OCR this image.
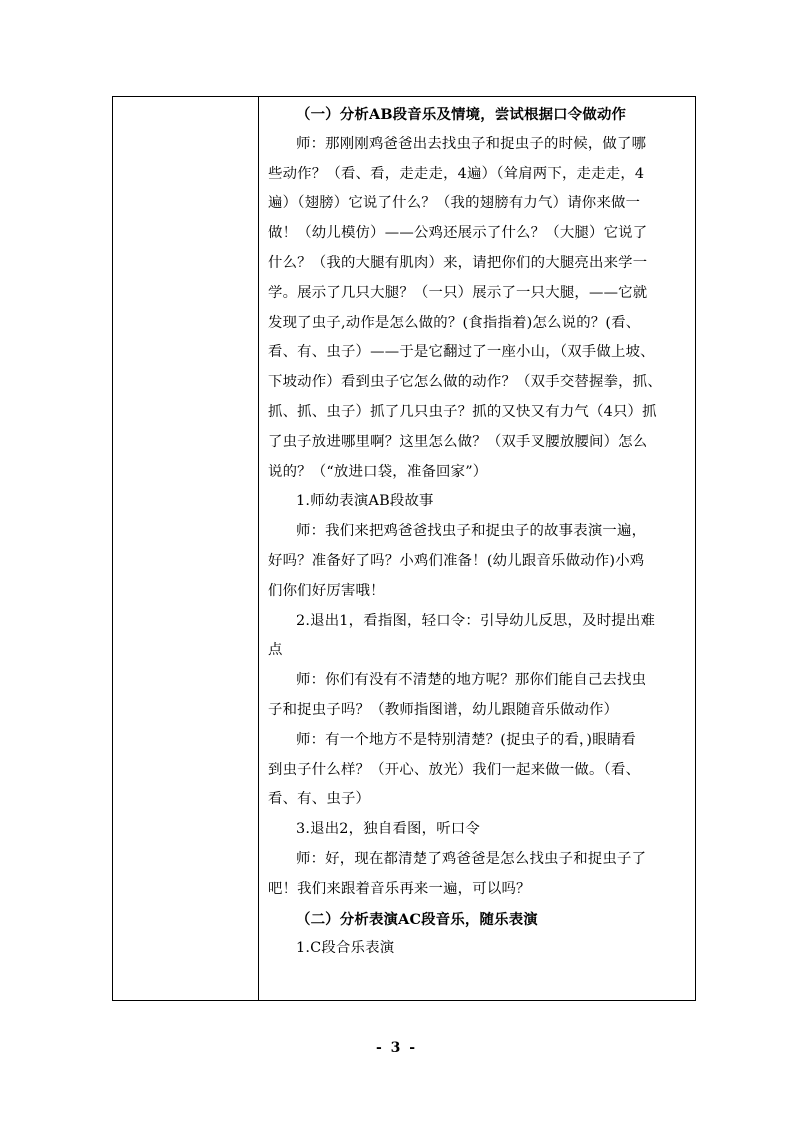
（一）分析AB段音乐及情境，尝试根据口令做动作
师：那刚刚鸡爸爸出去找虫子和捉虫子的时候，做了哪
些动作？（看、看，走走走，4遍）（耸肩两下，走走走，4
遍）（翅膀）它说了什么？（我的翅膀有力气）请你来做一
做！（幼儿模仿）——公鸡还展示了什么？（大腿）它说了
什么？（我的大腿有肌肉）来，请把你们的大腿亮出来学一
学。展示了几只大腿？（一只）展示了一只大腿，——它就
发现了虫子,动作是怎么做的？(食指指着)怎么说的？(看、
看、有、虫子）——于是它翻过了一座小山，（双手做上坡、
下坡动作）看到虫子它怎么做的动作？（双手交替握拳，抓、
抓、抓、虫子）抓了几只虫子？抓的又快又有力气（4只）抓
了虫子放进哪里啊？这里怎么做？（双手叉腰放腰间）怎么
说的？（“放进口袋，准备回家”）
1.师幼表演AB段故事
师：我们来把鸡爸爸找虫子和捉虫子的故事表演一遍，
好吗？准备好了吗？小鸡们准备！(幼儿跟音乐做动作)小鸡
们你们好厉害哦！
2.退出1，看指图，轻口令：引导幼儿反思，及时提出难
点
师：你们有没有不清楚的地方呢？那你们能自己去找虫
子和捉虫子吗？（教师指图谱，幼儿跟随音乐做动作）
师：有一个地方不是特别清楚？(捉虫子的看，)眼睛看
到虫子什么样？（开心、放光）我们一起来做一做。（看、
看、有、虫子）
3.退出2，独自看图，听口令
师：好，现在都清楚了鸡爸爸是怎么找虫子和捉虫子了
吧！我们来跟着音乐再来一遍，可以吗？
（二）分析表演AC段音乐，随乐表演
1.C段合乐表演
- 3 -
